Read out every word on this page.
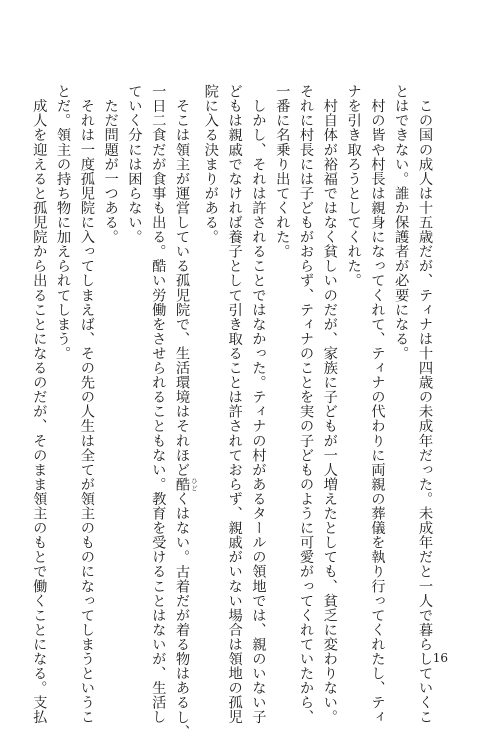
　この国の成人は十五歳だが、ティナは十四歳の未成年だった。未成年だと一人で暮らしていくこ
とはできない。誰か保護者が必要になる。
　村の皆や村長は親身になってくれて、ティナの代わりに両親の葬儀を執り行ってくれたし、ティ
ナを引き取ろうとしてくれた。
　村自体が裕福ではなく貧しいのだが、家族に子どもが一人増えたとしても、貧乏に変わりない。
それに村長には子どもがおらず、ティナのことを実の子どものように可愛がってくれていたから、
一番に名乗り出てくれた。
　しかし、それは許されることではなかった。ティナの村があるタールの領地では、親のいない子
どもは親戚でなければ養子として引き取ることは許されておらず、親戚がいない場合は領地の孤児
院に入る決まりがある。
　そこは領主が運営している孤児院で、生活環境はそれほど酷 ひどくはない。古着だが着る物はあるし、
一日二食だが食事も出る。酷い労働をさせられることもない。教育を受けることはないが、生活し
ていく分には困らない。
　ただ問題が一つある。
　それは一度孤児院に入ってしまえば、その先の人生は全てが領主のものになってしまうというこ
とだ。領主の持ち物に加えられてしまう。
　成人を迎えると孤児院から出ることになるのだが、そのまま領主のもとで働くことになる。支払	16
